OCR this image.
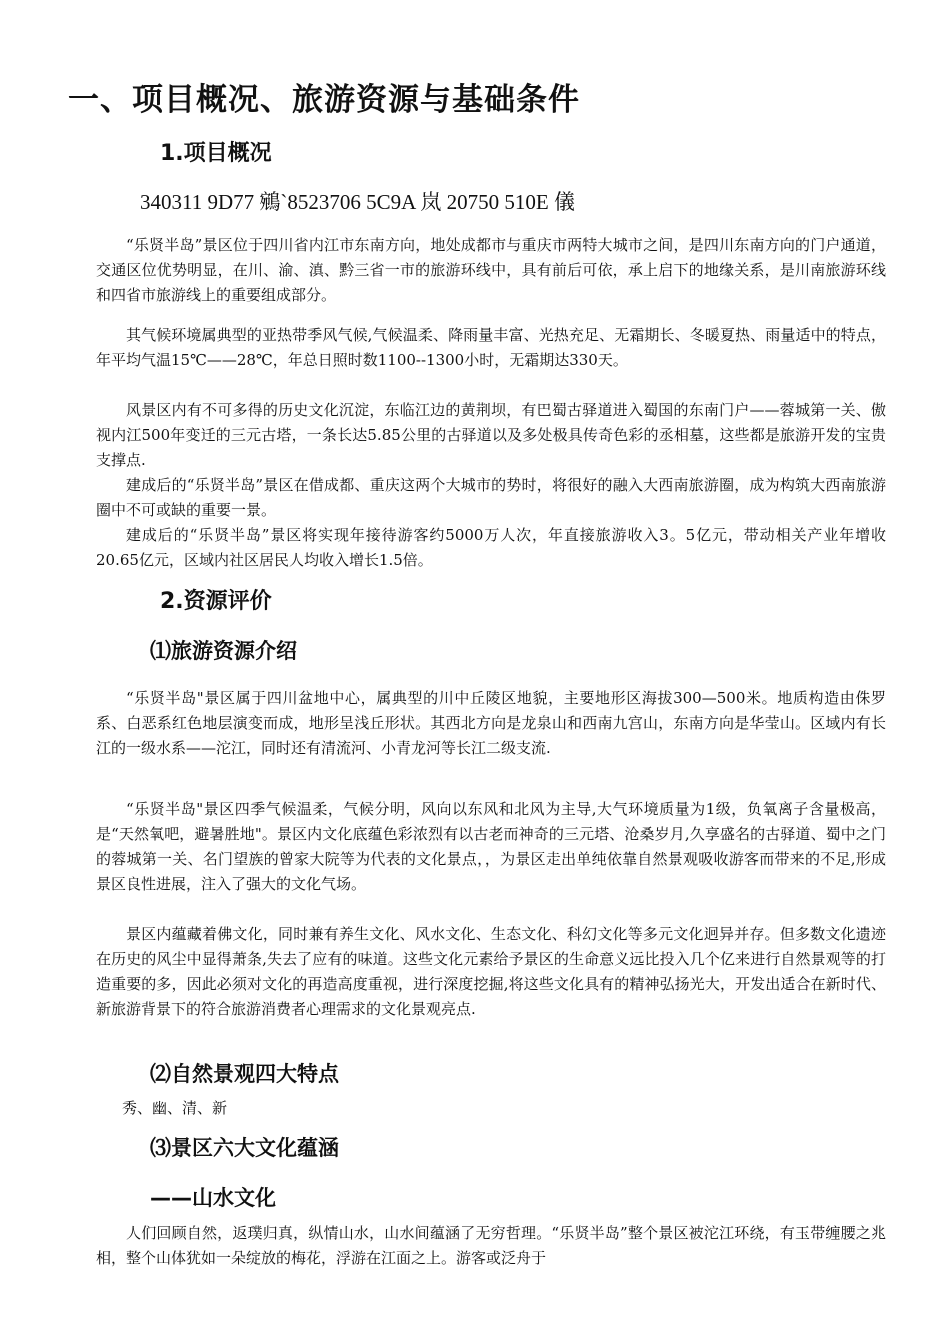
一、项目概况、旅游资源与基础条件
1.项目概况
340311 9D77 鵷`8523706 5C9A 岚 20750 510E 儀

“乐贤半岛”景区位于四川省内江市东南方向，地处成都市与重庆市两特大城市之间，是四川东南方向的门户通道，交通区位优势明显，在川、渝、滇、黔三省一市的旅游环线中，具有前后可依，承上启下的地缘关系，是川南旅游环线和四省市旅游线上的重要组成部分。

其气候环境属典型的亚热带季风气候,气候温柔、降雨量丰富、光热充足、无霜期长、冬暖夏热、雨量适中的特点，年平均气温15℃——28℃，年总日照时数1100--1300小时，无霜期达330天。

风景区内有不可多得的历史文化沉淀，东临江边的黄荆坝，有巴蜀古驿道进入蜀国的东南门户——蓉城第一关、傲视内江500年变迁的三元古塔，一条长达5.85公里的古驿道以及多处极具传奇色彩的丞相墓，这些都是旅游开发的宝贵支撑点.

建成后的“乐贤半岛”景区在借成都、重庆这两个大城市的势时，将很好的融入大西南旅游圈，成为构筑大西南旅游圈中不可或缺的重要一景。

建成后的“乐贤半岛”景区将实现年接待游客约5000万人次，年直接旅游收入3。5亿元，带动相关产业年增收20.65亿元，区域内社区居民人均收入增长1.5倍。

2.资源评价
⑴旅游资源介绍

“乐贤半岛"景区属于四川盆地中心，属典型的川中丘陵区地貌，主要地形区海拔300—500米。地质构造由侏罗系、白恶系红色地层演变而成，地形呈浅丘形状。其西北方向是龙泉山和西南九宫山，东南方向是华莹山。区域内有长江的一级水系——沱江，同时还有清流河、小青龙河等长江二级支流.

“乐贤半岛"景区四季气候温柔，气候分明，风向以东风和北风为主导,大气环境质量为1级，负氧离子含量极高，是“天然氧吧，避暑胜地"。景区内文化底蕴色彩浓烈有以古老而神奇的三元塔、沧桑岁月,久享盛名的古驿道、蜀中之门的蓉城第一关、名门望族的曾家大院等为代表的文化景点，，为景区走出单纯依靠自然景观吸收游客而带来的不足,形成景区良性进展，注入了强大的文化气场。

景区内蕴藏着佛文化，同时兼有养生文化、风水文化、生态文化、科幻文化等多元文化迥异并存。但多数文化遗迹在历史的风尘中显得萧条,失去了应有的味道。这些文化元素给予景区的生命意义远比投入几个亿来进行自然景观等的打造重要的多，因此必须对文化的再造高度重视，进行深度挖掘,将这些文化具有的精神弘扬光大，开发出适合在新时代、新旅游背景下的符合旅游消费者心理需求的文化景观亮点.

⑵自然景观四大特点
秀、幽、清、新
⑶景区六大文化蕴涵
——山水文化

人们回顾自然，返璞归真，纵情山水，山水间蕴涵了无穷哲理。“乐贤半岛”整个景区被沱江环绕，有玉带缠腰之兆相，整个山体犹如一朵绽放的梅花，浮游在江面之上。游客或泛舟于
